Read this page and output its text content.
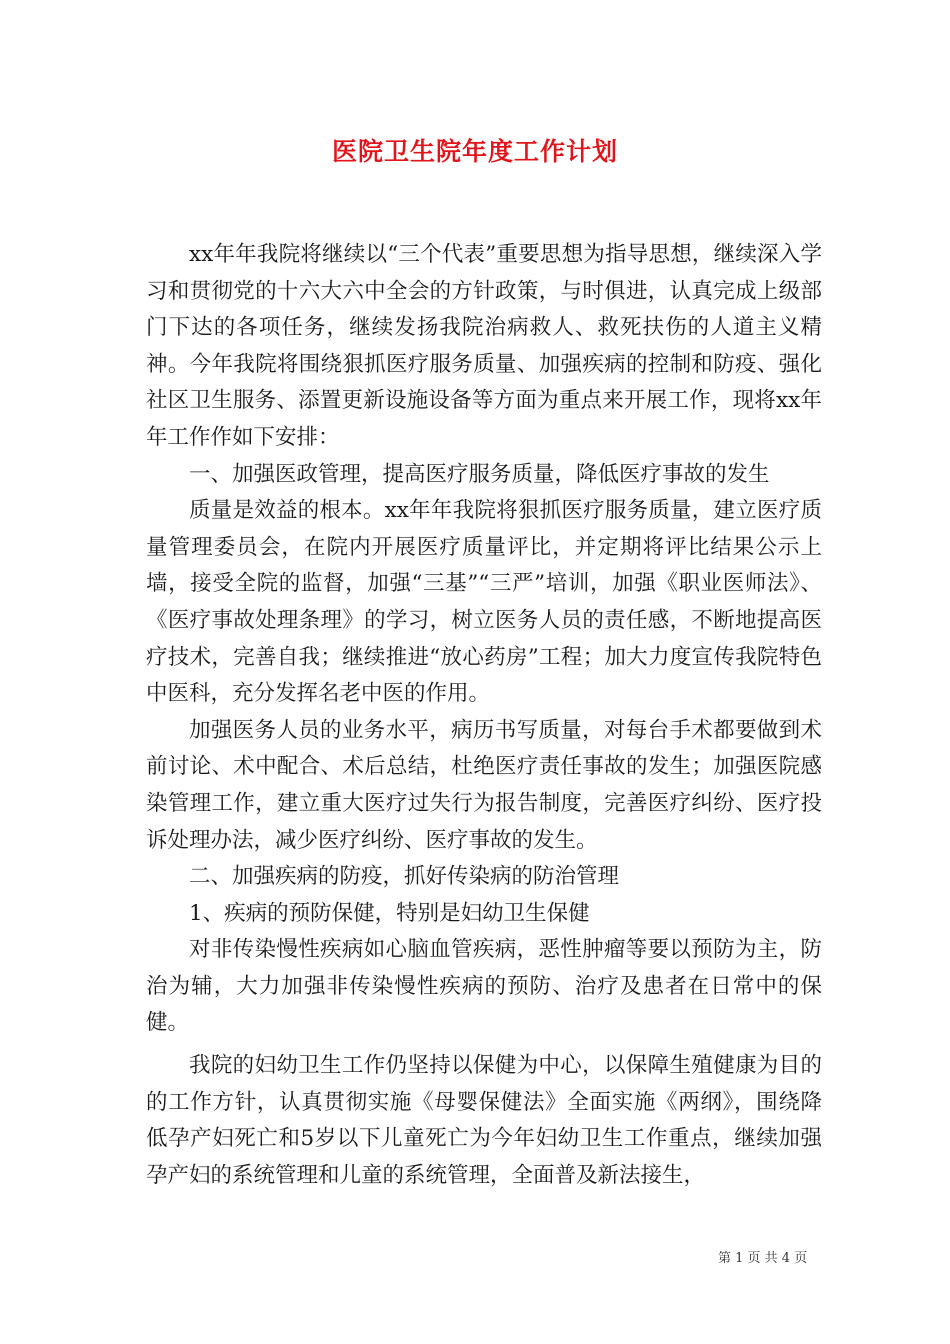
医院卫生院年度工作计划

xx年年我院将继续以“三个代表”重要思想为指导思想，继续深入学习和贯彻党的十六大六中全会的方针政策，与时俱进，认真完成上级部门下达的各项任务，继续发扬我院治病救人、救死扶伤的人道主义精神。今年我院将围绕狠抓医疗服务质量、加强疾病的控制和防疫、强化社区卫生服务、添置更新设施设备等方面为重点来开展工作，现将xx年年工作作如下安排：

一、加强医政管理，提高医疗服务质量，降低医疗事故的发生

质量是效益的根本。xx年年我院将狠抓医疗服务质量，建立医疗质量管理委员会，在院内开展医疗质量评比，并定期将评比结果公示上墙，接受全院的监督，加强“三基”“三严”培训，加强《职业医师法》、《医疗事故处理条理》的学习，树立医务人员的责任感，不断地提高医疗技术，完善自我；继续推进“放心药房”工程；加大力度宣传我院特色中医科，充分发挥名老中医的作用。

加强医务人员的业务水平，病历书写质量，对每台手术都要做到术前讨论、术中配合、术后总结，杜绝医疗责任事故的发生；加强医院感染管理工作，建立重大医疗过失行为报告制度，完善医疗纠纷、医疗投诉处理办法，减少医疗纠纷、医疗事故的发生。

二、加强疾病的防疫，抓好传染病的防治管理

1、疾病的预防保健，特别是妇幼卫生保健

对非传染慢性疾病如心脑血管疾病，恶性肿瘤等要以预防为主，防治为辅，大力加强非传染慢性疾病的预防、治疗及患者在日常中的保健。

我院的妇幼卫生工作仍坚持以保健为中心，以保障生殖健康为目的的工作方针，认真贯彻实施《母婴保健法》全面实施《两纲》，围绕降低孕产妇死亡和5岁以下儿童死亡为今年妇幼卫生工作重点，继续加强孕产妇的系统管理和儿童的系统管理，全面普及新法接生，

第 1 页 共 4 页
